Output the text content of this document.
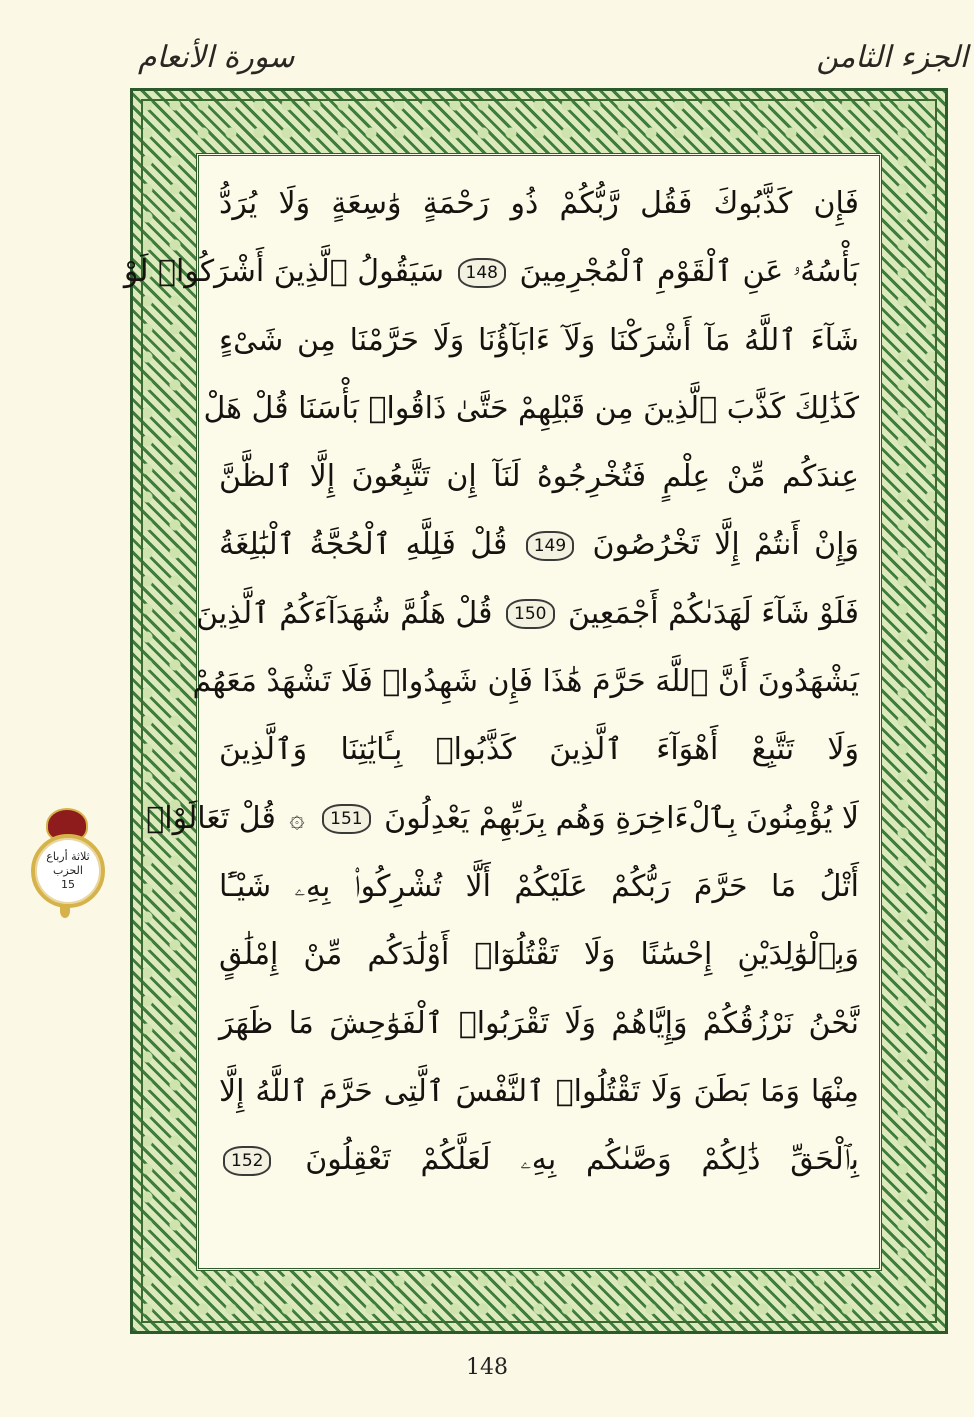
الجزء الثامن
سورة الأنعام
فَإِن كَذَّبُوكَ فَقُل رَّبُّكُمْ ذُو رَحْمَةٍ وَٰسِعَةٍ وَلَا يُرَدُّ
بَأْسُهُۥ عَنِ ٱلْقَوْمِ ٱلْمُجْرِمِينَ 148 سَيَقُولُ ٱلَّذِينَ أَشْرَكُوا۟ لَوْ
شَآءَ ٱللَّهُ مَآ أَشْرَكْنَا وَلَآ ءَابَآؤُنَا وَلَا حَرَّمْنَا مِن شَىْءٍ
كَذَٰلِكَ كَذَّبَ ٱلَّذِينَ مِن قَبْلِهِمْ حَتَّىٰ ذَاقُوا۟ بَأْسَنَا قُلْ هَلْ
عِندَكُم مِّنْ عِلْمٍ فَتُخْرِجُوهُ لَنَآ إِن تَتَّبِعُونَ إِلَّا ٱلظَّنَّ
وَإِنْ أَنتُمْ إِلَّا تَخْرُصُونَ 149 قُلْ فَلِلَّهِ ٱلْحُجَّةُ ٱلْبَٰلِغَةُ
فَلَوْ شَآءَ لَهَدَىٰكُمْ أَجْمَعِينَ 150 قُلْ هَلُمَّ شُهَدَآءَكُمُ ٱلَّذِينَ
يَشْهَدُونَ أَنَّ ٱللَّهَ حَرَّمَ هَٰذَا فَإِن شَهِدُوا۟ فَلَا تَشْهَدْ مَعَهُمْ
وَلَا تَتَّبِعْ أَهْوَآءَ ٱلَّذِينَ كَذَّبُوا۟ بِـَٔايَٰتِنَا وَٱلَّذِينَ
لَا يُؤْمِنُونَ بِٱلْءَاخِرَةِ وَهُم بِرَبِّهِمْ يَعْدِلُونَ 151 ۞ قُلْ تَعَالَوْا۟
أَتْلُ مَا حَرَّمَ رَبُّكُمْ عَلَيْكُمْ أَلَّا تُشْرِكُوا۟ بِهِۦ شَيْـًٔا
وَبِٱلْوَٰلِدَيْنِ إِحْسَٰنًا وَلَا تَقْتُلُوٓا۟ أَوْلَٰدَكُم مِّنْ إِمْلَٰقٍ
نَّحْنُ نَرْزُقُكُمْ وَإِيَّاهُمْ وَلَا تَقْرَبُوا۟ ٱلْفَوَٰحِشَ مَا ظَهَرَ
مِنْهَا وَمَا بَطَنَ وَلَا تَقْتُلُوا۟ ٱلنَّفْسَ ٱلَّتِى حَرَّمَ ٱللَّهُ إِلَّا
بِٱلْحَقِّ ذَٰلِكُمْ وَصَّىٰكُم بِهِۦ لَعَلَّكُمْ تَعْقِلُونَ 152
ثلاثة أرباع
الحزب
15
148
